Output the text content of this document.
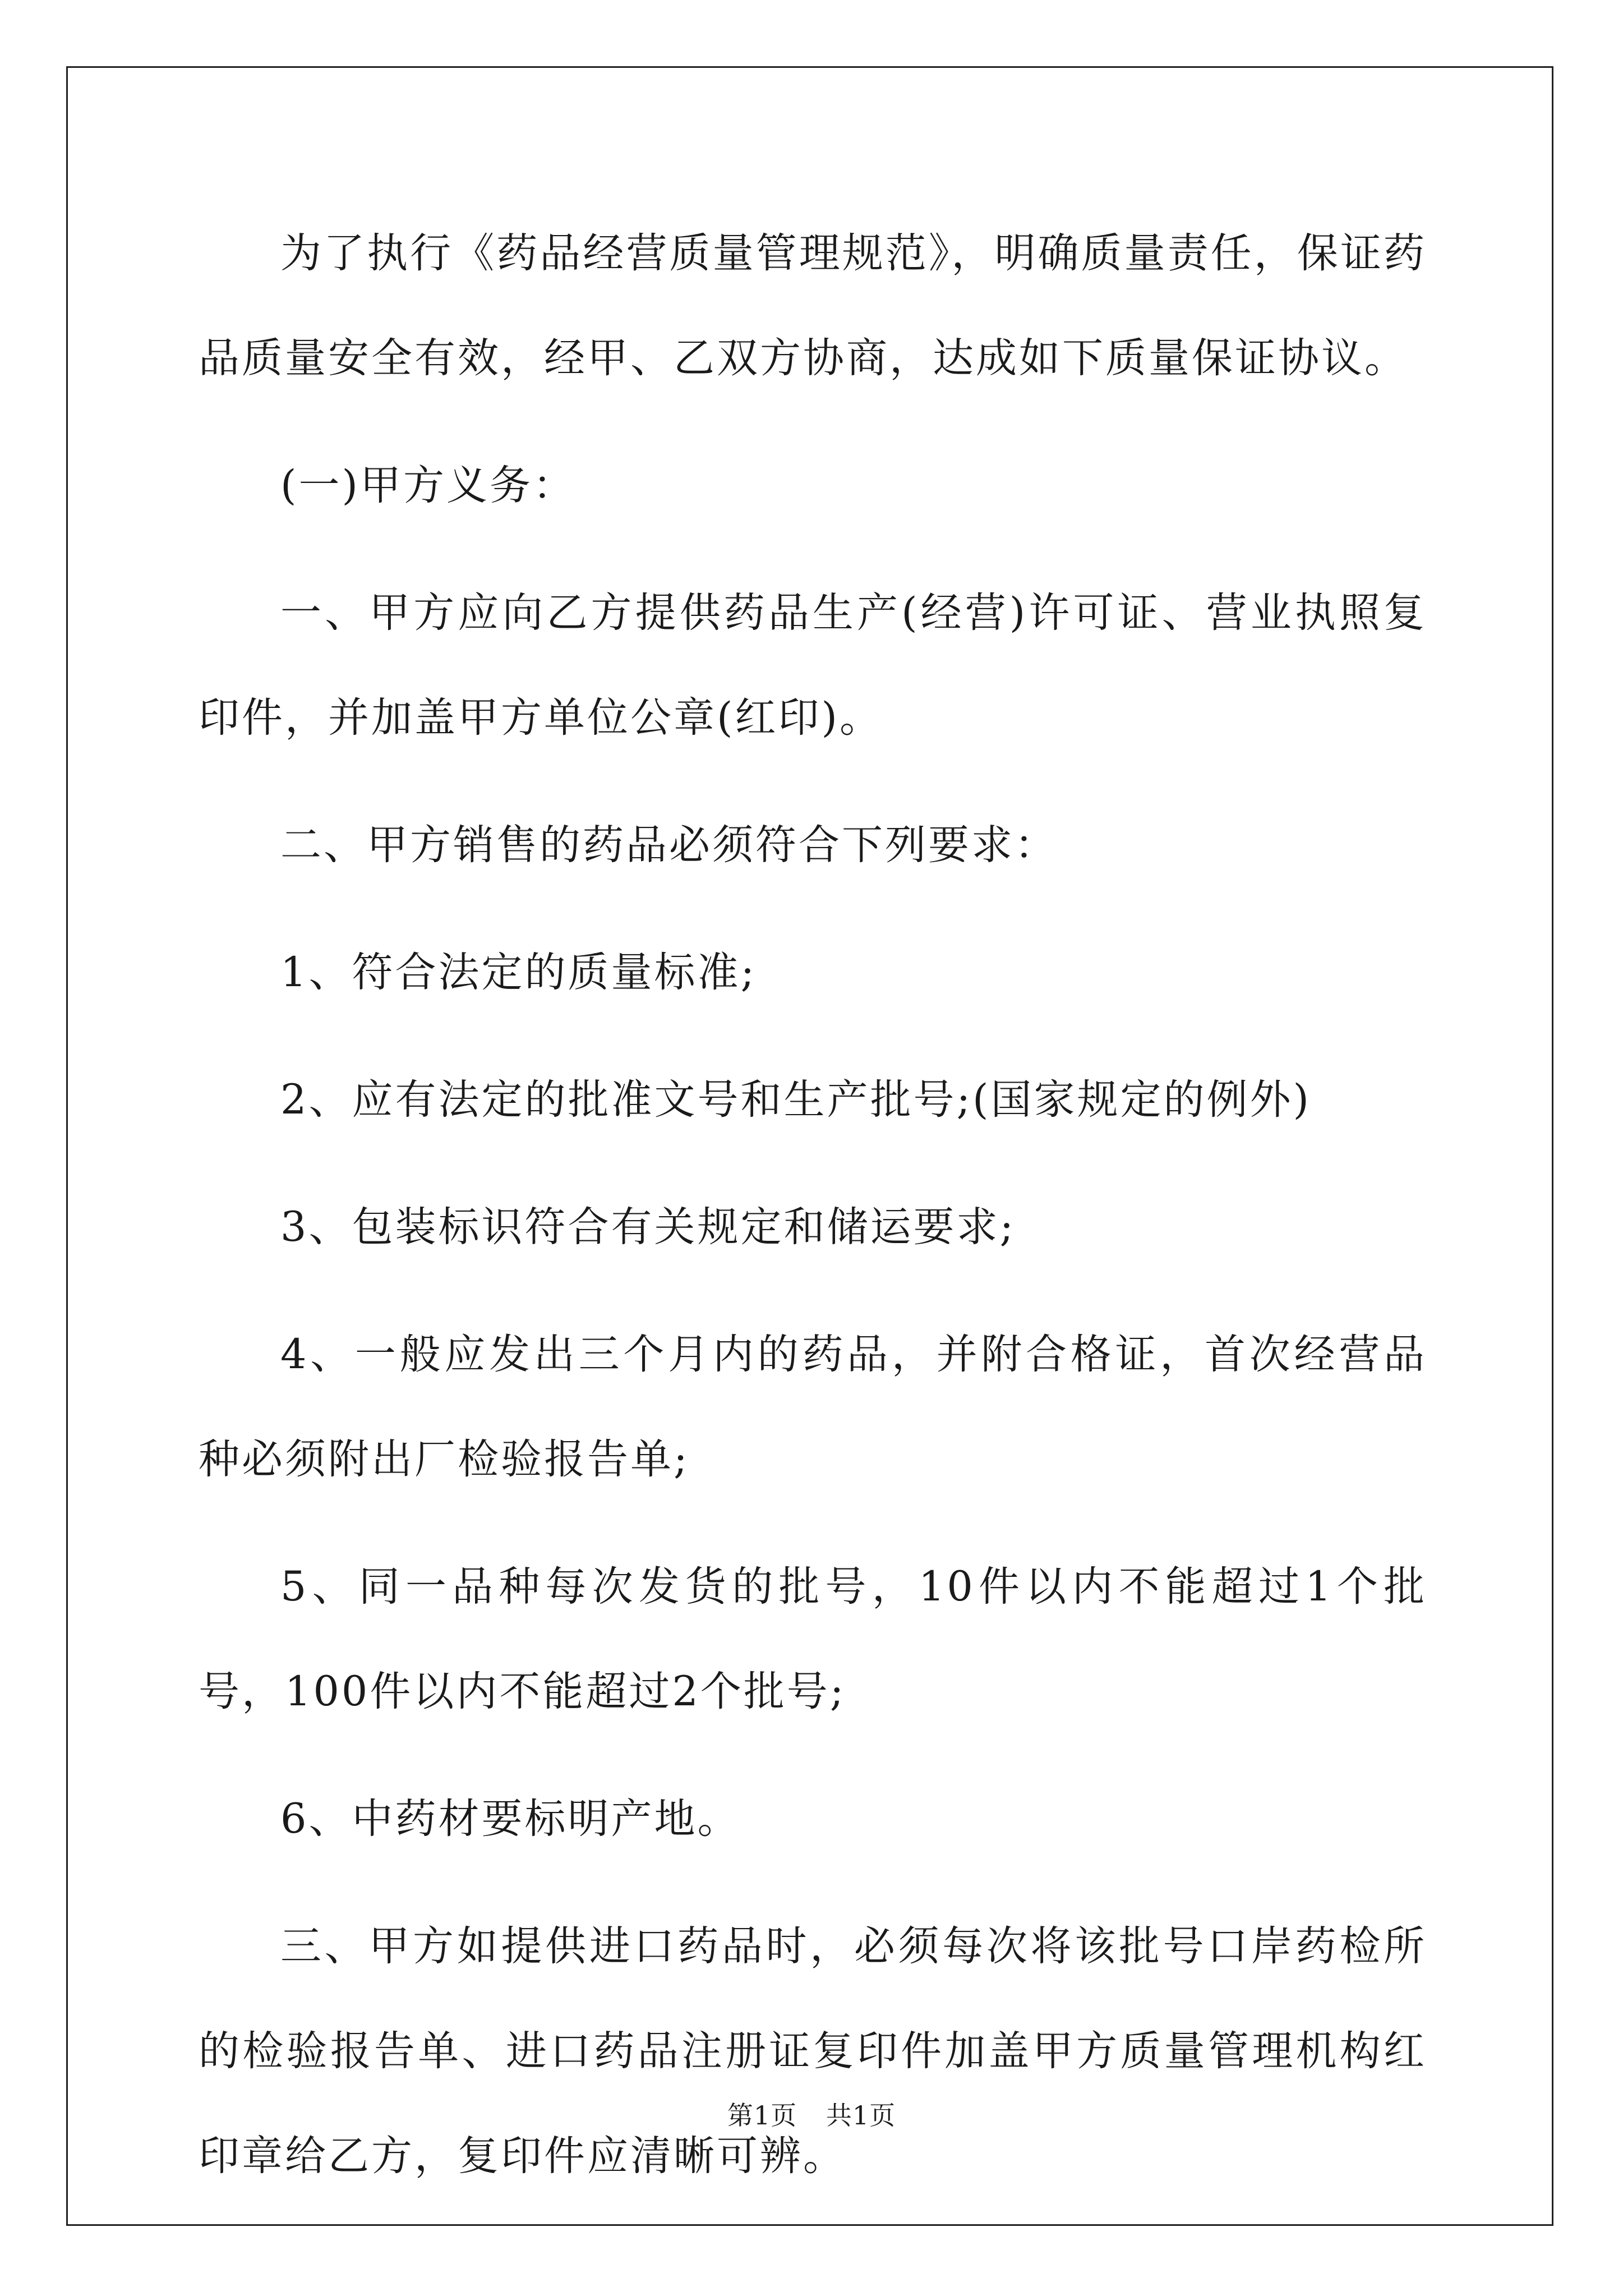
为了执行《药品经营质量管理规范》，明确质量责任，保证药品质量安全有效，经甲、乙双方协商，达成如下质量保证协议。

(一)甲方义务：

一、甲方应向乙方提供药品生产(经营)许可证、营业执照复印件，并加盖甲方单位公章(红印)。

二、甲方销售的药品必须符合下列要求：

1、符合法定的质量标准;

2、应有法定的批准文号和生产批号;(国家规定的例外)

3、包装标识符合有关规定和储运要求;

4、一般应发出三个月内的药品，并附合格证，首次经营品种必须附出厂检验报告单;

5、同一品种每次发货的批号，10件以内不能超过1个批号，100件以内不能超过2个批号;

6、中药材要标明产地。

三、甲方如提供进口药品时，必须每次将该批号口岸药检所的检验报告单、进口药品注册证复印件加盖甲方质量管理机构红印章给乙方，复印件应清晰可辨。

第1页 共1页
